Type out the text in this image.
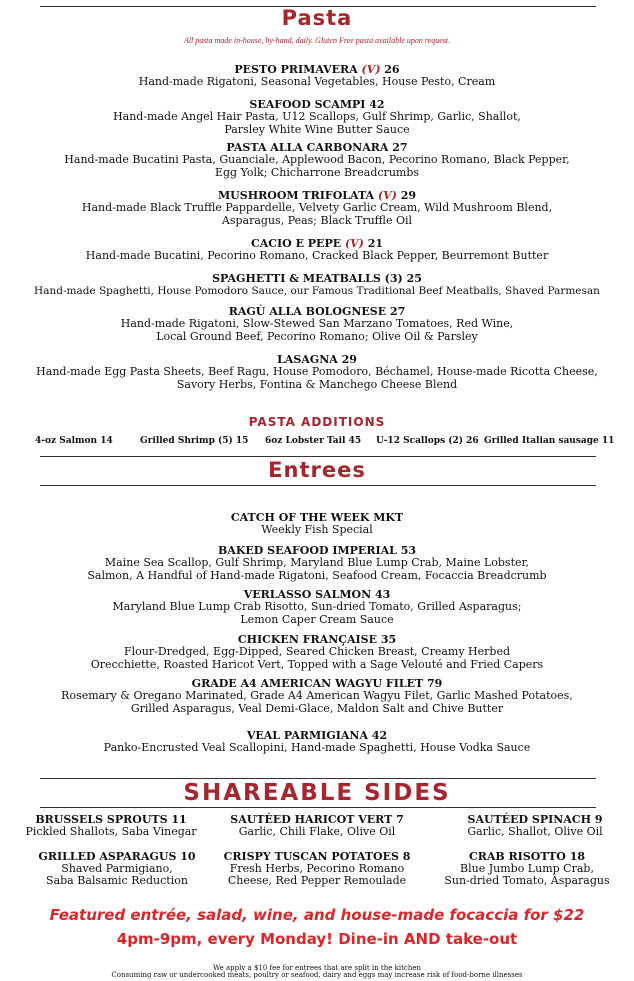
Pasta
All pasta made in-house, by-hand, daily. Gluten Free pasta available upon request.
PESTO PRIMAVERA (V) 26
Hand-made Rigatoni, Seasonal Vegetables, House Pesto, Cream
SEAFOOD SCAMPI 42
Hand-made Angel Hair Pasta, U12 Scallops, Gulf Shrimp, Garlic, Shallot,
Parsley White Wine Butter Sauce
PASTA ALLA CARBONARA 27
Hand-made Bucatini Pasta, Guanciale, Applewood Bacon, Pecorino Romano, Black Pepper,
Egg Yolk; Chicharrone Breadcrumbs
MUSHROOM TRIFOLATA (V) 29
Hand-made Black Truffle Pappardelle, Velvety Garlic Cream, Wild Mushroom Blend,
Asparagus, Peas; Black Truffle Oil
CACIO E PEPE (V) 21
Hand-made Bucatini, Pecorino Romano, Cracked Black Pepper, Beurremont Butter
SPAGHETTI & MEATBALLS (3) 25
Hand-made Spaghetti, House Pomodoro Sauce, our Famous Traditional Beef Meatballs, Shaved Parmesan
RAGÙ ALLA BOLOGNESE 27
Hand-made Rigatoni, Slow-Stewed San Marzano Tomatoes, Red Wine,
Local Ground Beef, Pecorino Romano; Olive Oil & Parsley
LASAGNA 29
Hand-made Egg Pasta Sheets, Beef Ragu, House Pomodoro, Béchamel, House-made Ricotta Cheese,
Savory Herbs, Fontina & Manchego Cheese Blend
PASTA ADDITIONS
4-oz Salmon 14	Grilled Shrimp (5) 15 6oz Lobster Tail 45 U-12 Scallops (2) 26 Grilled Italian sausage 11
Entrees
CATCH OF THE WEEK MKT
Weekly Fish Special
BAKED SEAFOOD IMPERIAL 53
Maine Sea Scallop, Gulf Shrimp, Maryland Blue Lump Crab, Maine Lobster,
Salmon, A Handful of Hand-made Rigatoni, Seafood Cream, Focaccia Breadcrumb
VERLASSO SALMON 43
Maryland Blue Lump Crab Risotto, Sun-dried Tomato, Grilled Asparagus;
Lemon Caper Cream Sauce
CHICKEN FRANÇAISE 35
Flour-Dredged, Egg-Dipped, Seared Chicken Breast, Creamy Herbed
Orecchiette, Roasted Haricot Vert, Topped with a Sage Velouté and Fried Capers
GRADE A4 AMERICAN WAGYU FILET 79
Rosemary & Oregano Marinated, Grade A4 American Wagyu Filet, Garlic Mashed Potatoes,
Grilled Asparagus, Veal Demi-Glace, Maldon Salt and Chive Butter
VEAL PARMIGIANA 42
Panko-Encrusted Veal Scallopini, Hand-made Spaghetti, House Vodka Sauce
SHAREABLE SIDES
BRUSSELS SPROUTS 11
Pickled Shallots, Saba Vinegar
SAUTÉED HARICOT VERT 7
Garlic, Chili Flake, Olive Oil
SAUTÉED SPINACH 9
Garlic, Shallot, Olive Oil
GRILLED ASPARAGUS 10
Shaved Parmigiano,
Saba Balsamic Reduction
CRISPY TUSCAN POTATOES 8
Fresh Herbs, Pecorino Romano
Cheese, Red Pepper Remoulade
CRAB RISOTTO 18
Blue Jumbo Lump Crab,
Sun-dried Tomato, Asparagus
Featured entrée, salad, wine, and house-made focaccia for $22
4pm-9pm, every Monday! Dine-in AND take-out
We apply a $10 fee for entrees that are split in the kitchen
Consuming raw or undercooked meats, poultry or seafood, dairy and eggs may increase risk of food-borne illnesses
